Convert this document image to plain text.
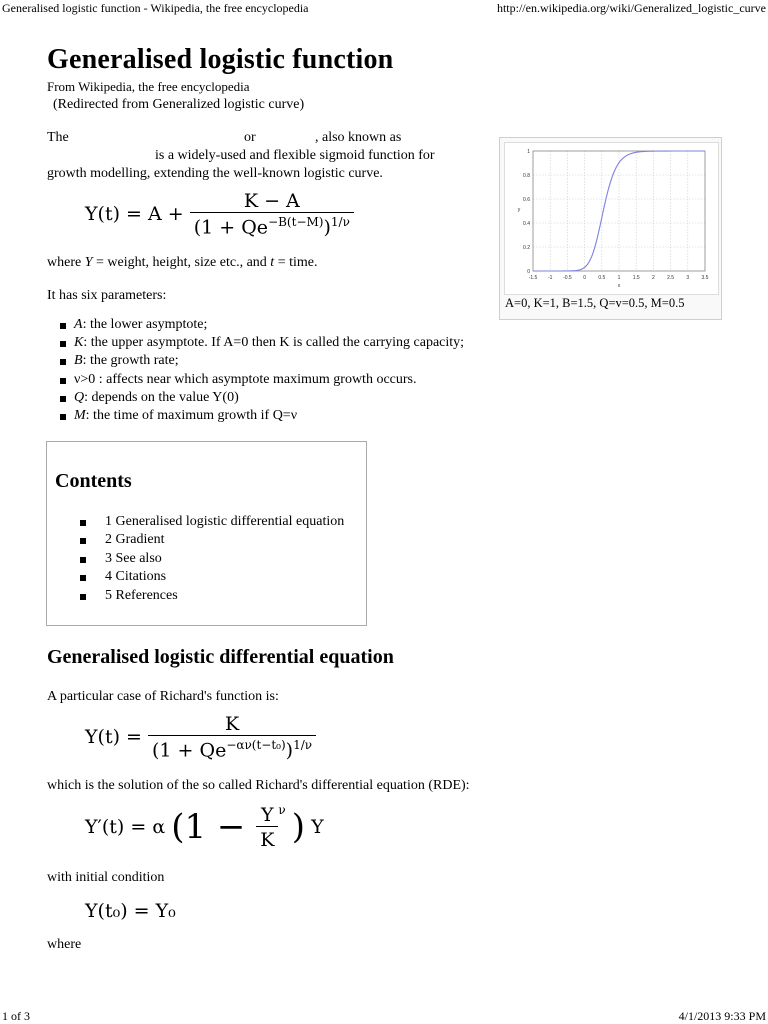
Generalised logistic function - Wikipedia, the free encyclopedia	http://en.wikipedia.org/wiki/Generalized_logistic_curve
Generalised logistic function
From Wikipedia, the free encyclopedia
(Redirected from Generalized logistic curve)
The	or	, also known as
is a widely-used and flexible sigmoid function for
growth modelling, extending the well-known logistic curve.
$Y(t) = A + \frac{K - A}{(1 + Qe^{-B(t-M)})^{1/\nu}}$
where Y = weight, height, size etc., and t = time.
It has six parameters:
A: the lower asymptote;
K: the upper asymptote. If A=0 then K is called the carrying capacity;
B: the growth rate;
ν>0 : affects near which asymptote maximum growth occurs.
Q: depends on the value Y(0)
M: the time of maximum growth if Q=ν
-1.5 -1 -0.5 0 0.5 1 1.5 2 2.5 3 3.5
0
0.2
0.4
0.6
0.8
1
x
y
A=0, K=1, B=1.5, Q=v=0.5, M=0.5
Contents
1 Generalised logistic differential equation
2 Gradient
3 See also
4 Citations
5 References
Generalised logistic differential equation
A particular case of Richard's function is:
$Y(t) = \frac{K}{(1 + Qe^{-\alpha\nu(t-t_0)})^{1/\nu}}$
which is the solution of the so called Richard's differential equation (RDE):
Y′(t) = α ($1 - \frac{Y}{K} ^\nu$ ) Y
with initial condition
Y(t₀) = Y₀
where
1 of 3	4/1/2013 9:33 PM
